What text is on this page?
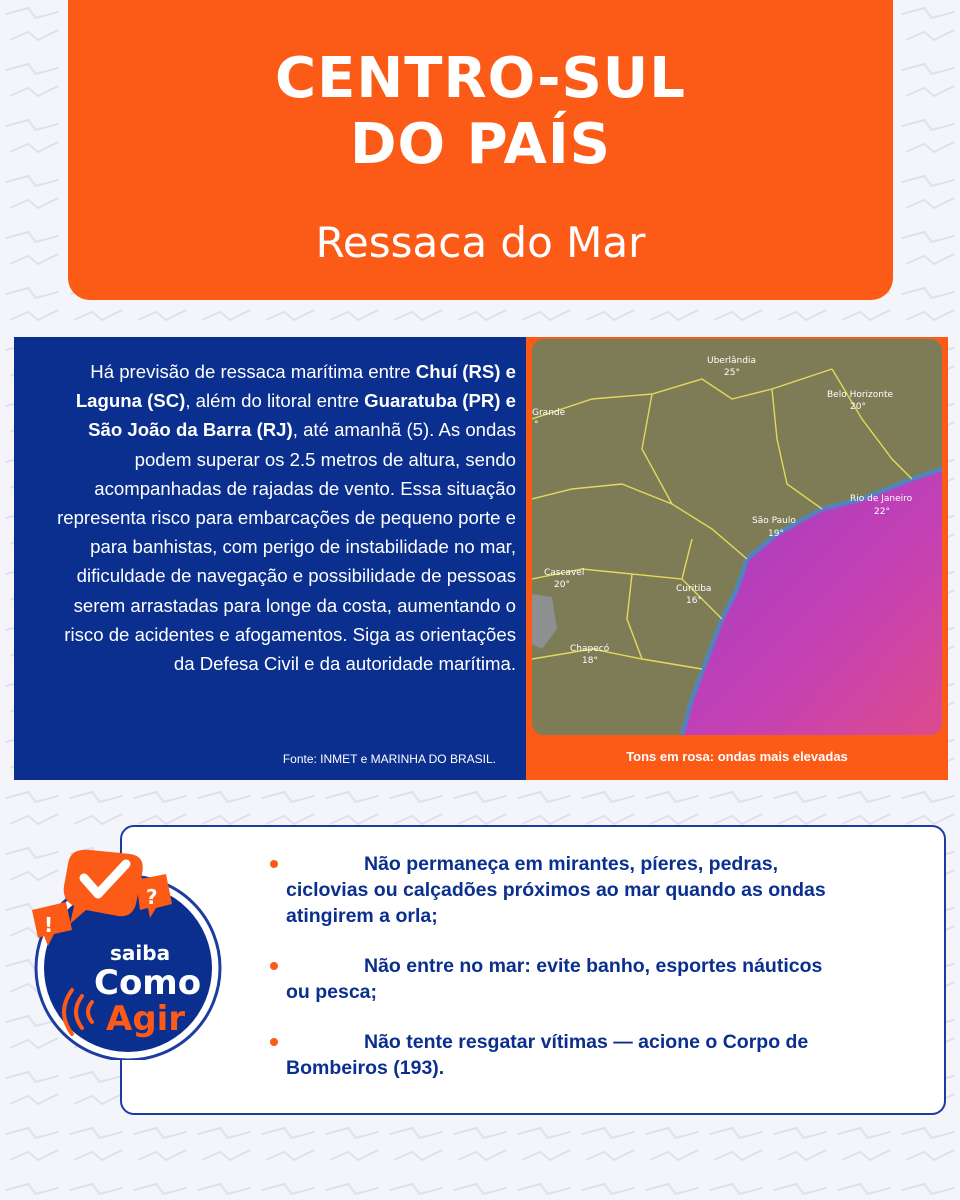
CENTRO-SUL
DO PAÍS
Ressaca do Mar
Há previsão de ressaca marítima entre Chuí (RS) e Laguna (SC), além do litoral entre Guaratuba (PR) e São João da Barra (RJ), até amanhã (5). As ondas podem superar os 2.5 metros de altura, sendo acompanhadas de rajadas de vento. Essa situação representa risco para embarcações de pequeno porte e para banhistas, com perigo de instabilidade no mar, dificuldade de navegação e possibilidade de pessoas serem arrastadas para longe da costa, aumentando o risco de acidentes e afogamentos. Siga as orientações da Defesa Civil e da autoridade marítima.
Fonte: INMET e MARINHA DO BRASIL.
Uberlândia
25°
Belo Horizonte
20°
Grande
°
Rio de Janeiro
22°
São Paulo
19°
Cascavel
20°	Curitiba
16°
Chapecó
18°
Tons em rosa: ondas mais elevadas
Não permaneça em mirantes, píeres, pedras, ciclovias ou calçadões próximos ao mar quando as ondas atingirem a orla;
Não entre no mar: evite banho, esportes náuticos ou pesca;
Não tente resgatar vítimas — acione o Corpo de Bombeiros (193).
!
?
saiba
Como
Agir
